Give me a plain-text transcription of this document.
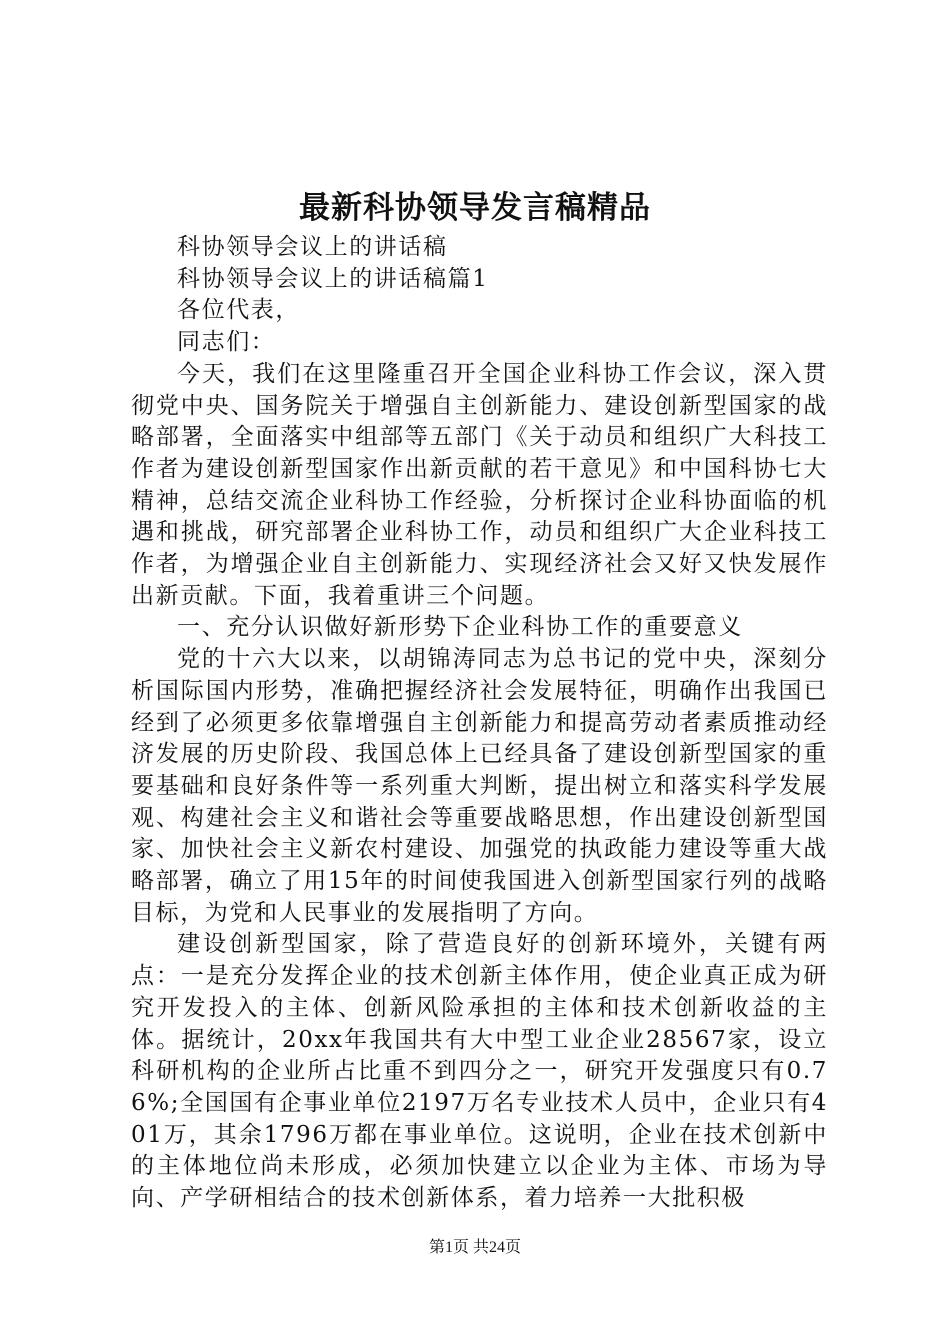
最新科协领导发言稿精品

科协领导会议上的讲话稿

科协领导会议上的讲话稿篇1

各位代表，

同志们：

今天，我们在这里隆重召开全国企业科协工作会议，深入贯彻党中央、国务院关于增强自主创新能力、建设创新型国家的战略部署，全面落实中组部等五部门《关于动员和组织广大科技工作者为建设创新型国家作出新贡献的若干意见》和中国科协七大精神，总结交流企业科协工作经验，分析探讨企业科协面临的机遇和挑战，研究部署企业科协工作，动员和组织广大企业科技工作者，为增强企业自主创新能力、实现经济社会又好又快发展作出新贡献。下面，我着重讲三个问题。

一、充分认识做好新形势下企业科协工作的重要意义

党的十六大以来，以胡锦涛同志为总书记的党中央，深刻分析国际国内形势，准确把握经济社会发展特征，明确作出我国已经到了必须更多依靠增强自主创新能力和提高劳动者素质推动经济发展的历史阶段、我国总体上已经具备了建设创新型国家的重要基础和良好条件等一系列重大判断，提出树立和落实科学发展观、构建社会主义和谐社会等重要战略思想，作出建设创新型国家、加快社会主义新农村建设、加强党的执政能力建设等重大战略部署，确立了用15年的时间使我国进入创新型国家行列的战略目标，为党和人民事业的发展指明了方向。

建设创新型国家，除了营造良好的创新环境外，关键有两点：一是充分发挥企业的技术创新主体作用，使企业真正成为研究开发投入的主体、创新风险承担的主体和技术创新收益的主体。据统计，20xx年我国共有大中型工业企业28567家，设立科研机构的企业所占比重不到四分之一，研究开发强度只有0.76%;全国国有企事业单位2197万名专业技术人员中，企业只有401万，其余1796万都在事业单位。这说明，企业在技术创新中的主体地位尚未形成，必须加快建立以企业为主体、市场为导向、产学研相结合的技术创新体系，着力培养一大批积极

第1页 共24页
